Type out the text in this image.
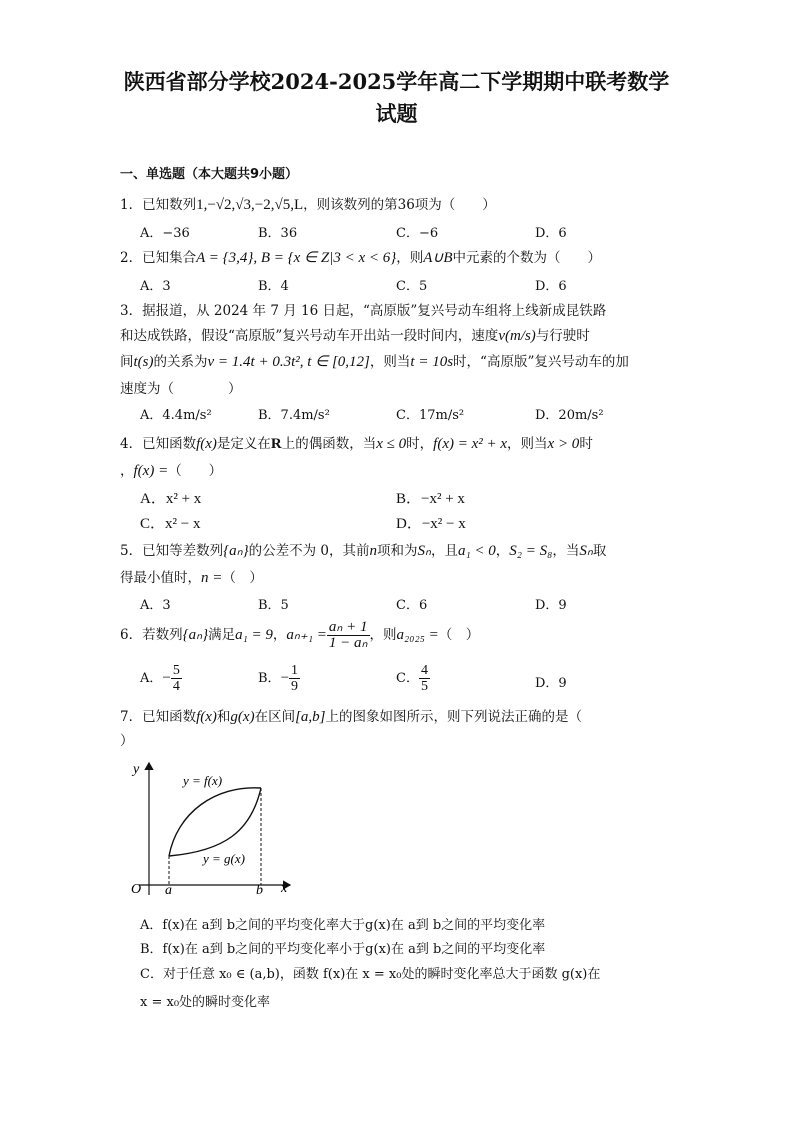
陕西省部分学校2024-2025学年高二下学期期中联考数学
试题
一、单选题（本大题共9小题）
1．已知数列1,−√2,√3,−2,√5,L，则该数列的第36项为（　　）
A．−36	B．36	C．−6	D．6
2．已知集合A = {3,4}, B = {x ∈ Z|3 < x < 6}，则A∪B中元素的个数为（　　）
A．3	B．4	C．5	D．6
3．据报道，从 2024 年 7 月 16 日起，“高原版”复兴号动车组将上线新成昆铁路
和达成铁路，假设“高原版”复兴号动车开出站一段时间内，速度v(m/s)与行驶时
间t(s)的关系为v = 1.4t + 0.3t², t ∈ [0,12]，则当t = 10s时，“高原版”复兴号动车的加
速度为（　　　　）
A．4.4m/s²	B．7.4m/s²	C．17m/s²	D．20m/s²
4．已知函数f(x)是定义在R上的偶函数，当x ≤ 0时，f(x) = x² + x，则当x > 0时
，f(x) =（　　）
A．x² + x	B．−x² + x
C．x² − x	D．−x² − x
5．已知等差数列{aₙ}的公差不为 0，其前n项和为Sₙ，且a₁ < 0，S₂ = S₈，当Sₙ取
得最小值时，n =（　）
A．3	B．5	C．6	D．9
6．若数列{aₙ}满足a₁ = 9，$a_{n+1} = \frac{\text{aₙ + 1}}{\text{1 − aₙ}}$ ，则a₂₀₂₅ =（　）
A．− $\frac{5}{4}$	B．− $\frac{1}{9}$	C． $\frac{4}{5}$	D．9
7．已知函数f(x)和g(x)在区间[a,b]上的图象如图所示，则下列说法正确的是（
）
y
x
O a	b
y = f(x)
y = g(x)
A．f(x)在 a到 b之间的平均变化率大于g(x)在 a到 b之间的平均变化率
B．f(x)在 a到 b之间的平均变化率小于g(x)在 a到 b之间的平均变化率
C．对于任意 x₀ ∈ (a,b)，函数 f(x)在 x = x₀处的瞬时变化率总大于函数 g(x)在
x = x₀处的瞬时变化率
